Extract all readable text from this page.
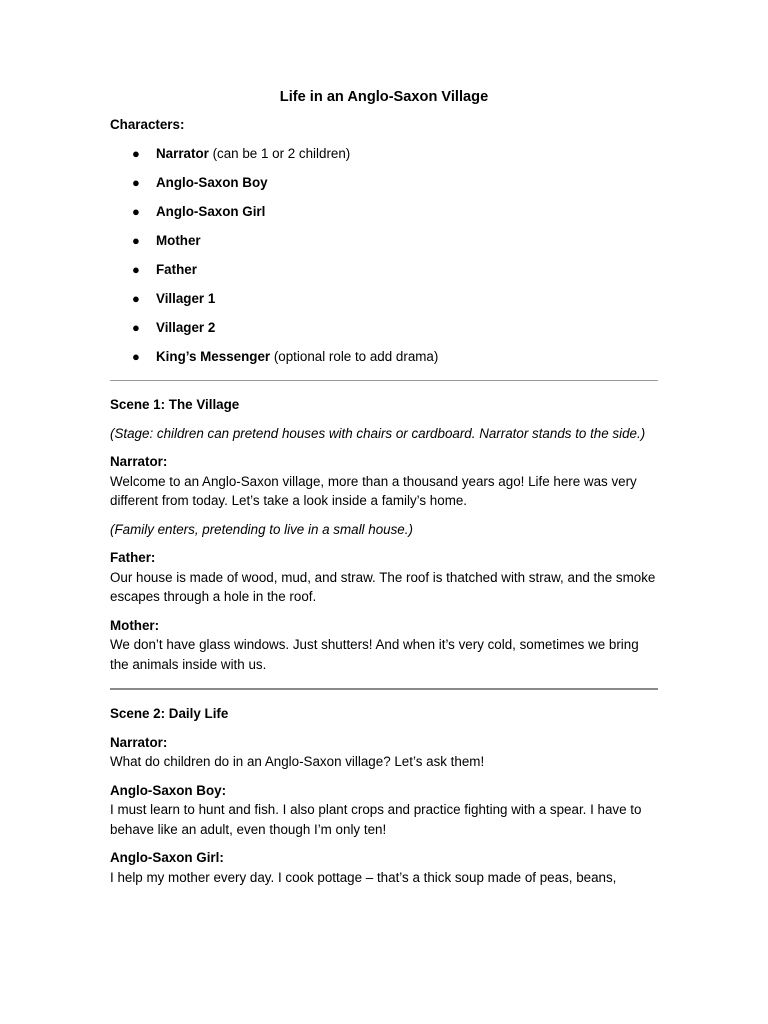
Life in an Anglo-Saxon Village
Characters:
● Narrator (can be 1 or 2 children)
● Anglo-Saxon Boy
● Anglo-Saxon Girl
● Mother
● Father
● Villager 1
● Villager 2
● King’s Messenger (optional role to add drama)
Scene 1: The Village
(Stage: children can pretend houses with chairs or cardboard. Narrator stands to the side.)
Narrator:
Welcome to an Anglo-Saxon village, more than a thousand years ago! Life here was very different from today. Let’s take a look inside a family’s home.
(Family enters, pretending to live in a small house.)
Father:
Our house is made of wood, mud, and straw. The roof is thatched with straw, and the smoke escapes through a hole in the roof.
Mother:
We don’t have glass windows. Just shutters! And when it’s very cold, sometimes we bring the animals inside with us.
Scene 2: Daily Life
Narrator:
What do children do in an Anglo-Saxon village? Let’s ask them!
Anglo-Saxon Boy:
I must learn to hunt and fish. I also plant crops and practice fighting with a spear. I have to behave like an adult, even though I’m only ten!
Anglo-Saxon Girl:
I help my mother every day. I cook pottage – that’s a thick soup made of peas, beans,
